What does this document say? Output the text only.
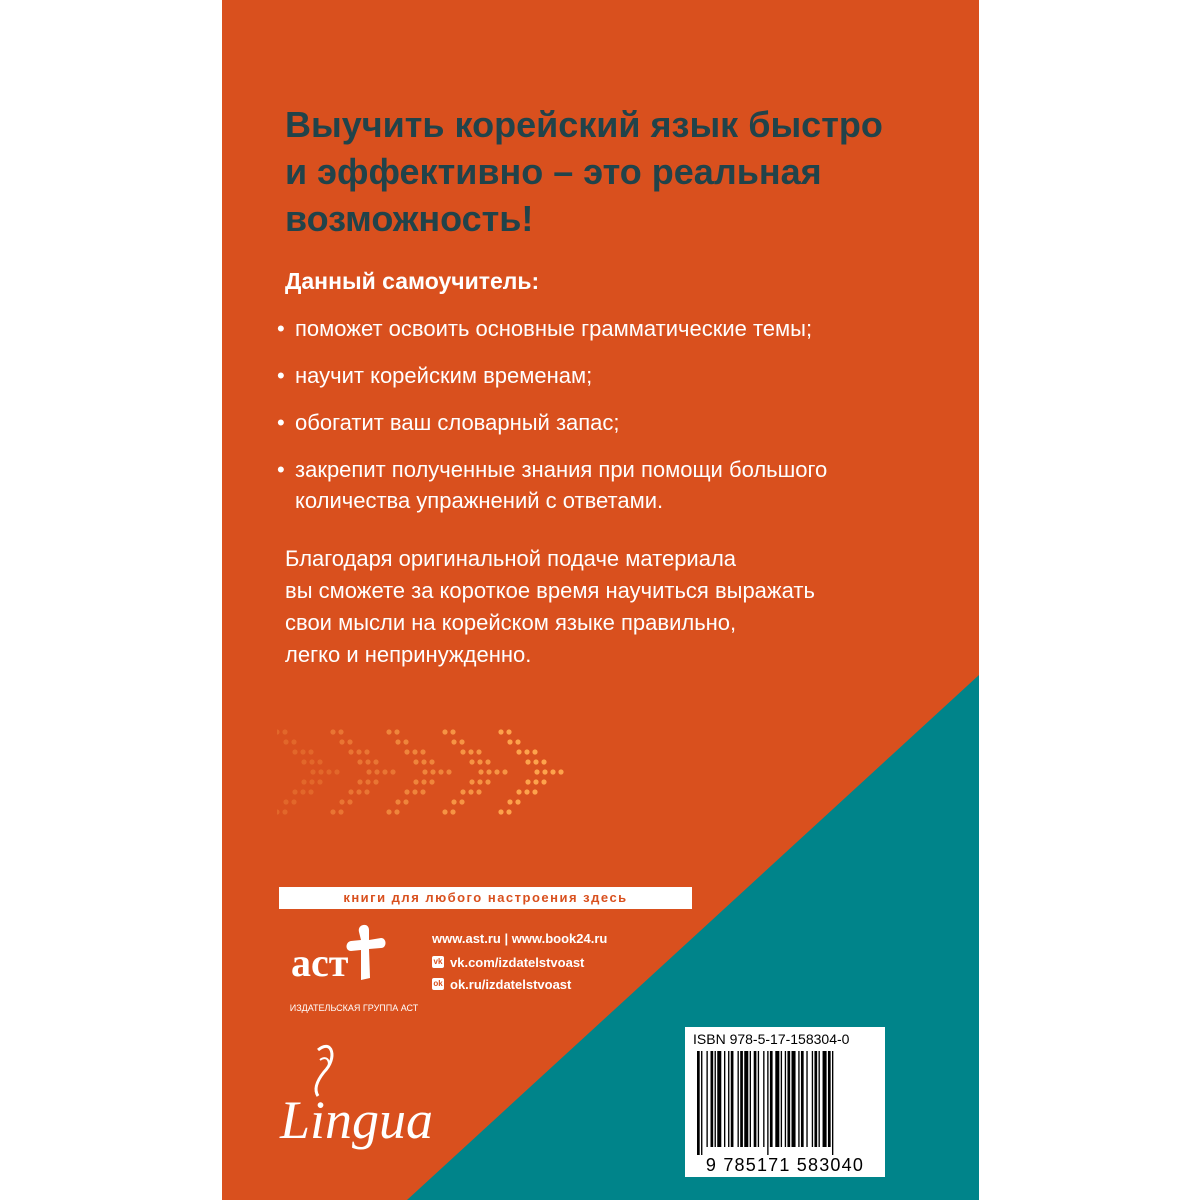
Выучить корейский язык быстро
и эффективно – это реальная
возможность!

Данный самоучитель:

• поможет освоить основные грамматические темы;
• научит корейским временам;
• обогатит ваш словарный запас;
• закрепит полученные знания при помощи большого количества упражнений с ответами.

Благодаря оригинальной подаче материала
вы сможете за короткое время научиться выражать
свои мысли на корейском языке правильно,
легко и непринужденно.

книги для любого настроения здесь
аст
ИЗДАТЕЛЬСКАЯ ГРУППА АСТ
www.ast.ru | www.book24.ru
vk vk.com/izdatelstvoast
ok ok.ru/izdatelstvoast
Lingua
ISBN 978-5-17-158304-0
9 785171 583040
